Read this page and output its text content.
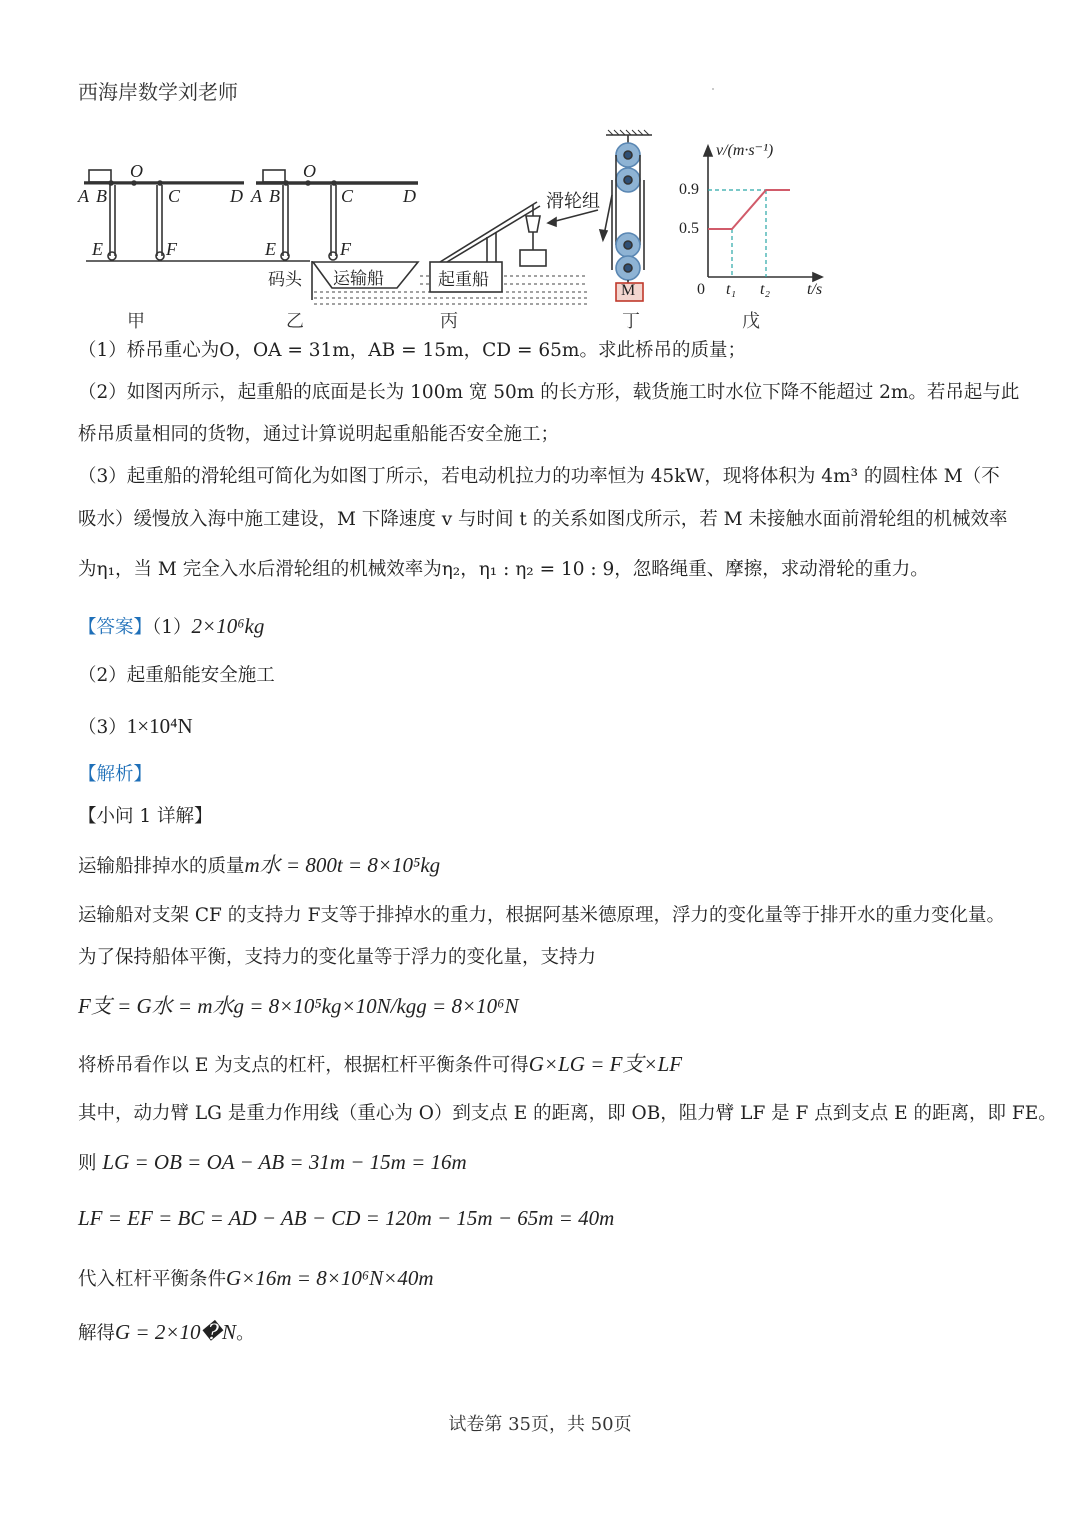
西海岸数学刘老师
A B
O
C	D
E	F
A B
O
C	D
E	F
码头 运输船	起重船
滑轮组
M
v/(m·s⁻¹)
0.9
0.5
0 t₁ t₂ t/s
甲	乙	丙	丁	戊
（1）桥吊重心为O，OA = 31m，AB = 15m，CD = 65m。求此桥吊的质量；
（2）如图丙所示，起重船的底面是长为 100m 宽 50m 的长方形，载货施工时水位下降不能超过 2m。若吊起与此
桥吊质量相同的货物，通过计算说明起重船能否安全施工；
（3）起重船的滑轮组可简化为如图丁所示，若电动机拉力的功率恒为 45kW，现将体积为 4m³ 的圆柱体 M（不
吸水）缓慢放入海中施工建设，M 下降速度 v 与时间 t 的关系如图戊所示，若 M 未接触水面前滑轮组的机械效率
为η₁，当 M 完全入水后滑轮组的机械效率为η₂，η₁ : η₂ = 10 : 9，忽略绳重、摩擦，求动滑轮的重力。
【答案】（1）2×10⁶kg
（2）起重船能安全施工
（3）1×10⁴N
【解析】
【小问 1 详解】
运输船排掉水的质量m水 = 800t = 8×10⁵kg
运输船对支架 CF 的支持力 F支等于排掉水的重力，根据阿基米德原理，浮力的变化量等于排开水的重力变化量。
为了保持船体平衡，支持力的变化量等于浮力的变化量，支持力
F支 = G水 = m水g = 8×10⁵kg×10N/kgg = 8×10⁶N
将桥吊看作以 E 为支点的杠杆，根据杠杆平衡条件可得G×LG = F支×LF
其中，动力臂 LG 是重力作用线（重心为 O）到支点 E 的距离，即 OB，阻力臂 LF 是 F 点到支点 E 的距离，即 FE。
则 LG = OB = OA − AB = 31m − 15m = 16m
LF = EF = BC = AD − AB − CD = 120m − 15m − 65m = 40m
代入杠杆平衡条件G×16m = 8×10⁶N×40m
解得G = 2×10�N。
试卷第 35页，共 50页
